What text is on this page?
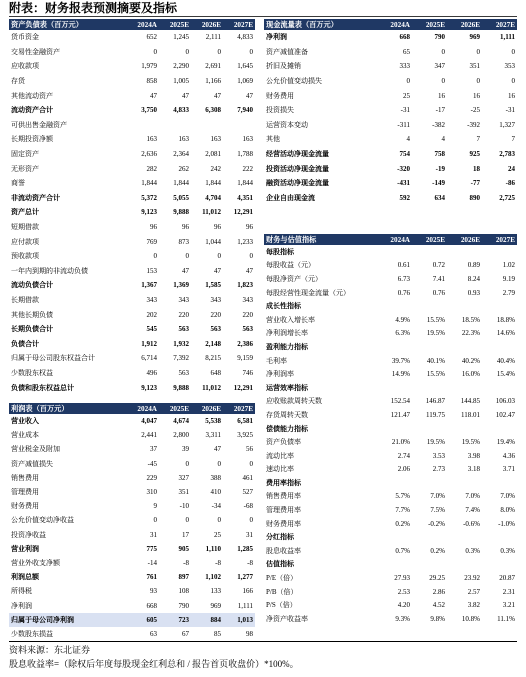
附表：财务报表预测摘要及指标
资产负债表（百万元）	2024A	2025E	2026E	2027E
货币资金	652	1,245	2,111	4,833
交易性金融资产	0	0	0	0
应收款项	1,979	2,290	2,691	1,645
存货	858	1,005	1,166	1,069
其他流动资产	47	47	47	47
流动资产合计	3,750	4,833	6,308	7,940
可供出售金融资产
长期投资净额	163	163	163	163
固定资产	2,636	2,364	2,081	1,788
无形资产	282	262	242	222
商誉	1,844	1,844	1,844	1,844
非流动资产合计	5,372	5,055	4,704	4,351
资产总计	9,123	9,888	11,012	12,291
短期借款	96	96	96	96
应付款项	769	873	1,044	1,233
预收款项	0	0	0	0
一年内到期的非流动负债	153	47	47	47
流动负债合计	1,367	1,369	1,585	1,823
长期借款	343	343	343	343
其他长期负债	202	220	220	220
长期负债合计	545	563	563	563
负债合计	1,912	1,932	2,148	2,386
归属于母公司股东权益合计	6,714	7,392	8,215	9,159
少数股东权益	496	563	648	746
负债和股东权益总计	9,123	9,888	11,012	12,291
现金流量表（百万元）	2024A	2025E	2026E	2027E
净利润	668	790	969	1,111
资产减值准备	65	0	0	0
折旧及摊销	333	347	351	353
公允价值变动损失	0	0	0	0
财务费用	25	16	16	16
投资损失	-31	-17	-25	-31
运营资本变动	-311	-382	-392	1,327
其他	4	4	7	7
经营活动净现金流量	754	758	925	2,783
投资活动净现金流量	-320	-19	18	24
融资活动净现金流量	-431	-149	-77	-86
企业自由现金流	592	634	890	2,725
财务与估值指标	2024A	2025E	2026E	2027E
每股指标
每股收益（元）	0.61	0.72	0.89	1.02
每股净资产（元）	6.73	7.41	8.24	9.19
每股经营性现金流量（元）	0.76	0.76	0.93	2.79
成长性指标
营业收入增长率	4.9%	15.5%	18.5%	18.8%
净利润增长率	6.3%	19.5%	22.3%	14.6%
盈利能力指标
毛利率	39.7%	40.1%	40.2%	40.4%
净利润率	14.9%	15.5%	16.0%	15.4%
运营效率指标
应收账款周转天数	152.54	146.87	144.85	106.03
存货周转天数	121.47	119.75	118.01	102.47
偿债能力指标
资产负债率	21.0%	19.5%	19.5%	19.4%
流动比率	2.74	3.53	3.98	4.36
速动比率	2.06	2.73	3.18	3.71
费用率指标
销售费用率	5.7%	7.0%	7.0%	7.0%
管理费用率	7.7%	7.5%	7.4%	8.0%
财务费用率	0.2%	-0.2%	-0.6%	-1.0%
分红指标
股息收益率	0.7%	0.2%	0.3%	0.3%
估值指标
P/E（倍）	27.93	29.25	23.92	20.87
P/B（倍）	2.53	2.86	2.57	2.31
P/S（倍）	4.20	4.52	3.82	3.21
净资产收益率	9.3%	9.8%	10.8%	11.1%
利润表（百万元）	2024A	2025E	2026E	2027E
营业收入	4,047	4,674	5,538	6,581
营业成本	2,441	2,800	3,311	3,925
营业税金及附加	37	39	47	56
资产减值损失	-45	0	0	0
销售费用	229	327	388	461
管理费用	310	351	410	527
财务费用	9	-10	-34	-68
公允价值变动净收益	0	0	0	0
投资净收益	31	17	25	31
营业利润	775	905	1,110	1,285
营业外收支净额	-14	-8	-8	-8
利润总额	761	897	1,102	1,277
所得税	93	108	133	166
净利润	668	790	969	1,111
归属于母公司净利润	605	723	884	1,013
少数股东损益	63	67	85	98
资料来源：东北证券
股息收益率=（除权后年度每股现金红利总和 / 报告首页收盘价）*100%。
